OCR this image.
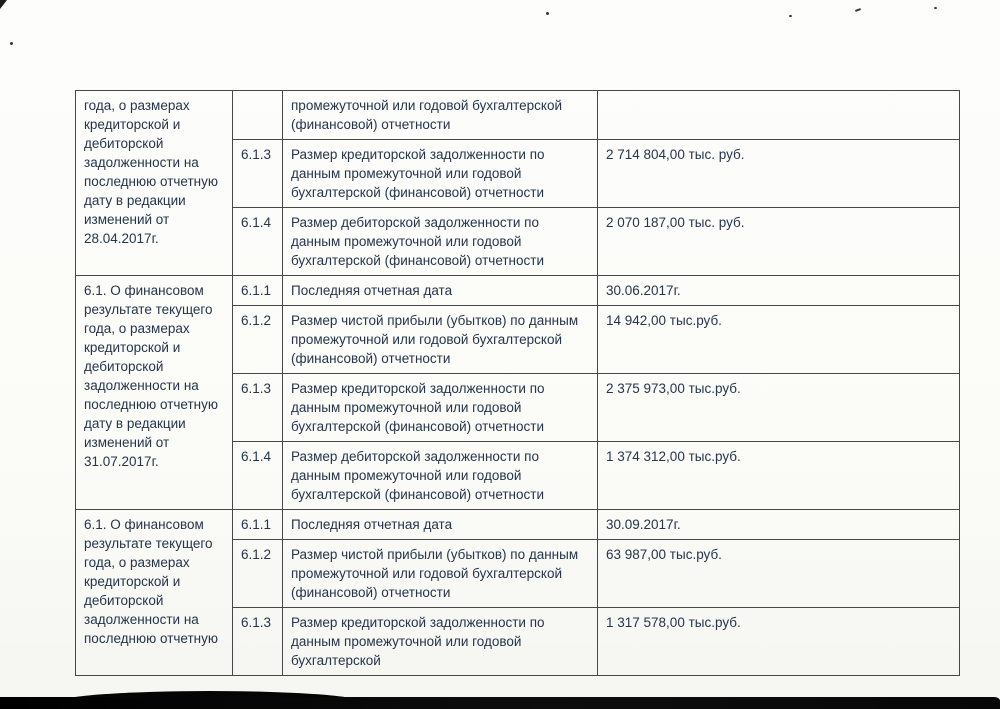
года, о размерах кредиторской и дебиторской задолженности на последнюю отчетную дату в редакции изменений от 28.04.2017г.		промежуточной или годовой бухгалтерской (финансовой) отчетности	
	6.1.3	Размер кредиторской задолженности по данным промежуточной или годовой бухгалтерской (финансовой) отчетности	2 714 804,00 тыс. руб.
	6.1.4	Размер дебиторской задолженности по данным промежуточной или годовой бухгалтерской (финансовой) отчетности	2 070 187,00 тыс. руб.
6.1. О финансовом результате текущего года, о размерах кредиторской и дебиторской задолженности на последнюю отчетную дату в редакции изменений от 31.07.2017г.	6.1.1	Последняя отчетная дата	30.06.2017г.
	6.1.2	Размер чистой прибыли (убытков) по данным промежуточной или годовой бухгалтерской (финансовой) отчетности	14 942,00 тыс.руб.
	6.1.3	Размер кредиторской задолженности по данным промежуточной или годовой бухгалтерской (финансовой) отчетности	2 375 973,00 тыс.руб.
	6.1.4	Размер дебиторской задолженности по данным промежуточной или годовой бухгалтерской (финансовой) отчетности	1 374 312,00 тыс.руб.
6.1. О финансовом результате текущего года, о размерах кредиторской и дебиторской задолженности на последнюю отчетную	6.1.1	Последняя отчетная дата	30.09.2017г.
	6.1.2	Размер чистой прибыли (убытков) по данным промежуточной или годовой бухгалтерской (финансовой) отчетности	63 987,00 тыс.руб.
	6.1.3	Размер кредиторской задолженности по данным промежуточной или годовой бухгалтерской	1 317 578,00 тыс.руб.
